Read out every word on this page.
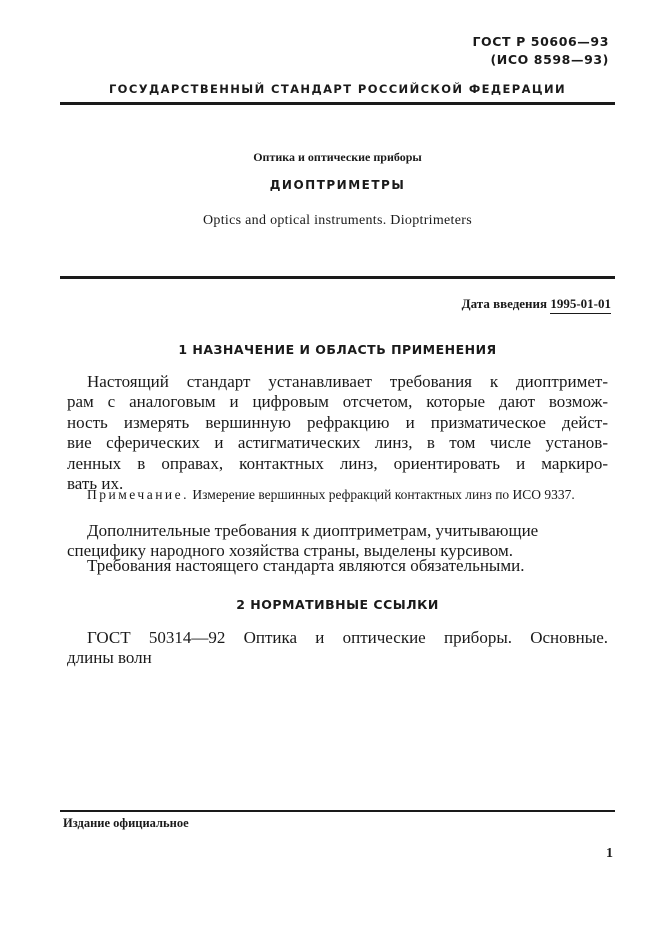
ГОСТ Р 50606—93
(ИСО 8598—93)
ГОСУДАРСТВЕННЫЙ СТАНДАРТ РОССИЙСКОЙ ФЕДЕРАЦИИ
Оптика и оптические приборы
ДИОПТРИМЕТРЫ
Optics and optical instruments. Dioptrimeters
Дата введения 1995-01-01
1 НАЗНАЧЕНИЕ И ОБЛАСТЬ ПРИМЕНЕНИЯ
Настоящий стандарт устанавливает требования к диоптримет-
рам с аналоговым и цифровым отсчетом, которые дают возмож-
ность измерять вершинную рефракцию и призматическое дейст-
вие сферических и астигматических линз, в том числе установ-
ленных в оправах, контактных линз, ориентировать и маркиро-
вать их.
Примечание. Измерение вершинных рефракций контактных линз по ИСО 9337.
Дополнительные требования к диоптриметрам, учитывающие
специфику народного хозяйства страны, выделены курсивом.
Требования настоящего стандарта являются обязательными.
2 НОРМАТИВНЫЕ ССЫЛКИ
ГОСТ 50314—92 Оптика и оптические приборы. Основные.
длины волн
Издание официальное
1
